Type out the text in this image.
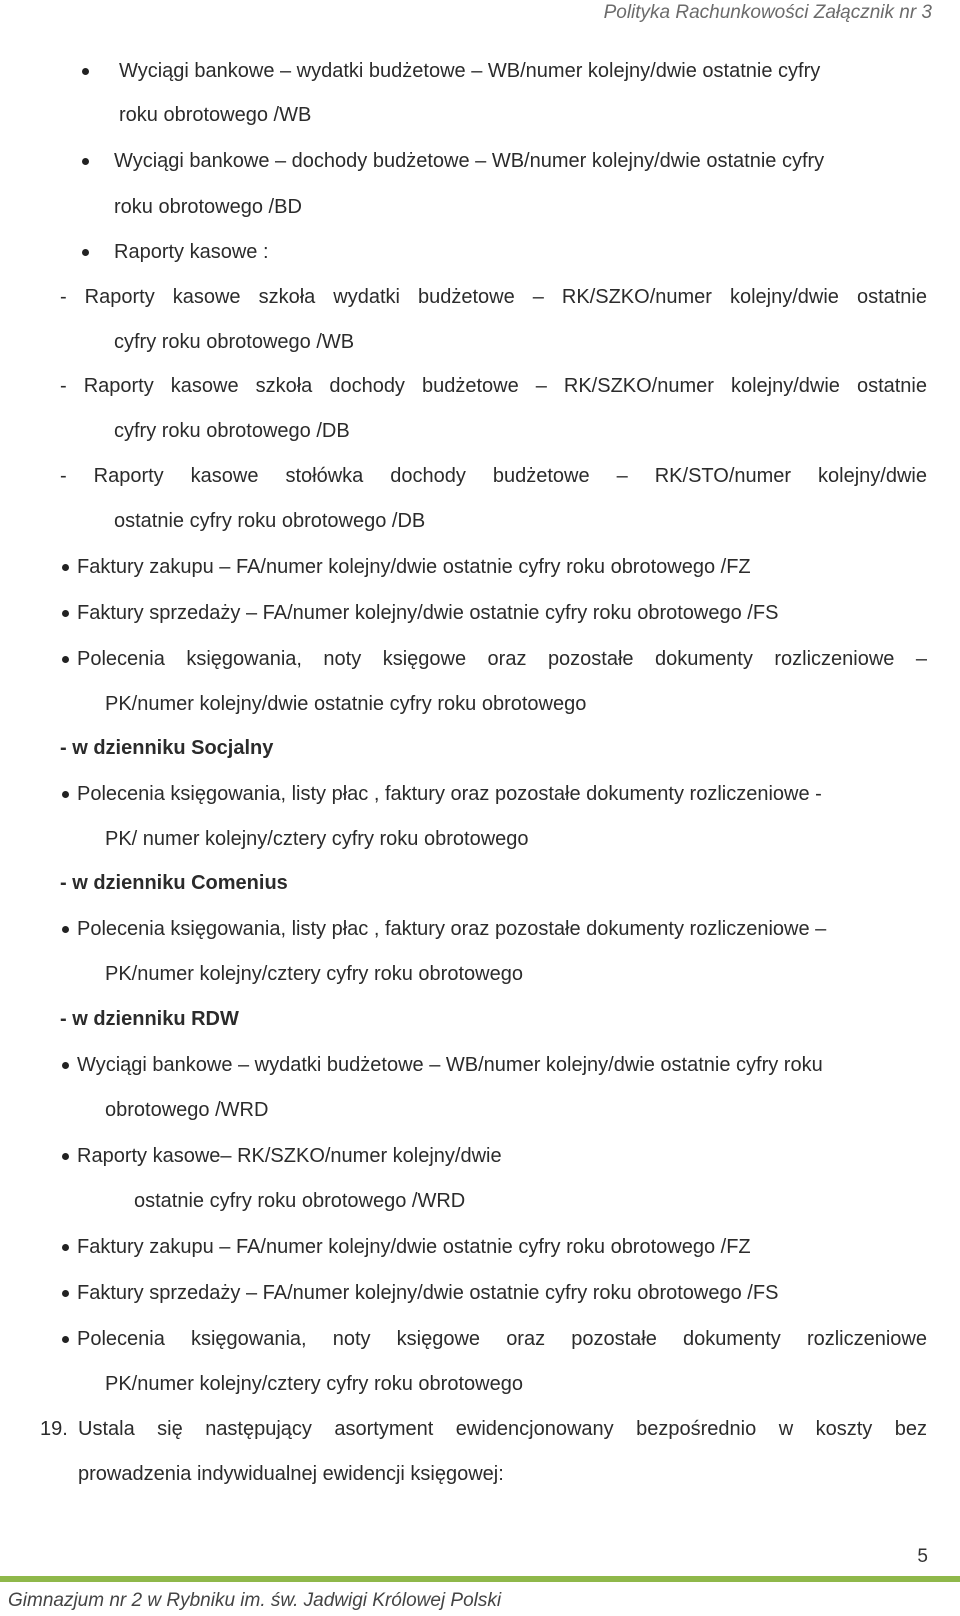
Polityka Rachunkowości Załącznik nr 3
Wyciągi bankowe – wydatki budżetowe – WB/numer kolejny/dwie ostatnie cyfry
roku obrotowego /WB
Wyciągi bankowe – dochody budżetowe – WB/numer kolejny/dwie ostatnie cyfry
roku obrotowego /BD
Raporty kasowe :
- Raporty kasowe szkoła wydatki budżetowe – RK/SZKO/numer kolejny/dwie ostatnie
cyfry roku obrotowego /WB
- Raporty kasowe szkoła dochody budżetowe – RK/SZKO/numer kolejny/dwie ostatnie
cyfry roku obrotowego /DB
- Raporty kasowe stołówka dochody budżetowe – RK/STO/numer kolejny/dwie
ostatnie cyfry roku obrotowego /DB
Faktury zakupu – FA/numer kolejny/dwie ostatnie cyfry roku obrotowego /FZ
Faktury sprzedaży – FA/numer kolejny/dwie ostatnie cyfry roku obrotowego /FS
Polecenia księgowania, noty księgowe oraz pozostałe dokumenty rozliczeniowe –
PK/numer kolejny/dwie ostatnie cyfry roku obrotowego
- w dzienniku Socjalny
Polecenia księgowania, listy płac , faktury oraz pozostałe dokumenty rozliczeniowe -
PK/ numer kolejny/cztery cyfry roku obrotowego
- w dzienniku Comenius
Polecenia księgowania, listy płac , faktury oraz pozostałe dokumenty rozliczeniowe –
PK/numer kolejny/cztery cyfry roku obrotowego
- w dzienniku RDW
Wyciągi bankowe – wydatki budżetowe – WB/numer kolejny/dwie ostatnie cyfry roku
obrotowego /WRD
Raporty kasowe– RK/SZKO/numer kolejny/dwie
ostatnie cyfry roku obrotowego /WRD
Faktury zakupu – FA/numer kolejny/dwie ostatnie cyfry roku obrotowego /FZ
Faktury sprzedaży – FA/numer kolejny/dwie ostatnie cyfry roku obrotowego /FS
Polecenia księgowania, noty księgowe oraz pozostałe dokumenty rozliczeniowe
PK/numer kolejny/cztery cyfry roku obrotowego
19. Ustala się następujący asortyment ewidencjonowany bezpośrednio w koszty bez
prowadzenia indywidualnej ewidencji księgowej:
5
Gimnazjum nr 2 w Rybniku im. św. Jadwigi Królowej Polski
